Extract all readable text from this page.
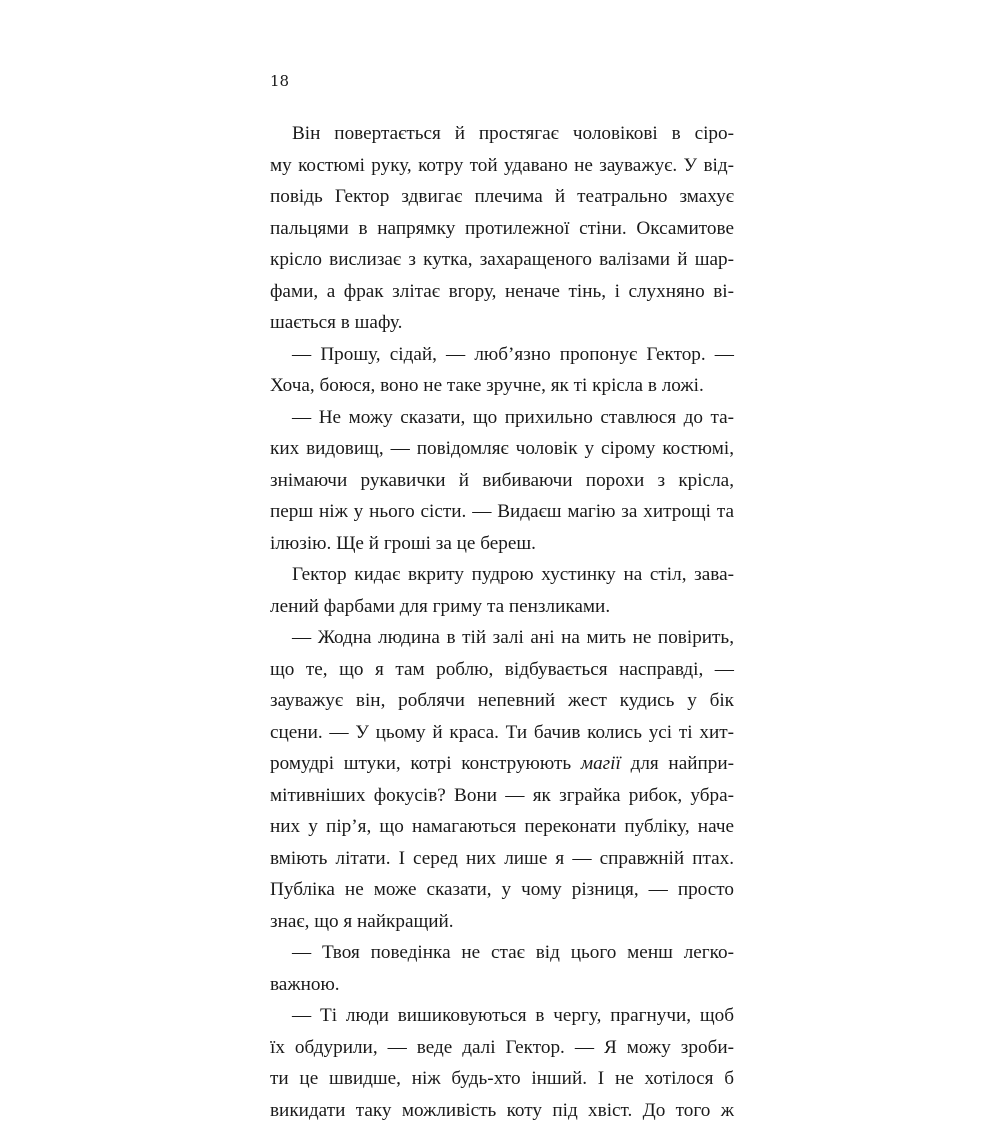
18

Він повертається й простягає чоловікові в сіро-
му костюмі руку, котру той удавано не зауважує. У від-
повідь Гектор здвигає плечима й театрально змахує
пальцями в напрямку протилежної стіни. Оксамитове
крісло вислизає з кутка, захаращеного валізами й шар-
фами, а фрак злітає вгору, неначе тінь, і слухняно ві-
шається в шафу.
— Прошу, сідай, — люб’язно пропонує Гектор. —
Хоча, боюся, воно не таке зручне, як ті крісла в ложі.
— Не можу сказати, що прихильно ставлюся до та-
ких видовищ, — повідомляє чоловік у сірому костюмі,
знімаючи рукавички й вибиваючи порохи з крісла,
перш ніж у нього сісти. — Видаєш магію за хитрощі та
ілюзію. Ще й гроші за це береш.
Гектор кидає вкриту пудрою хустинку на стіл, зава-
лений фарбами для гриму та пензликами.
— Жодна людина в тій залі ані на мить не повірить,
що те, що я там роблю, відбувається насправді, —
зауважує він, роблячи непевний жест кудись у бік
сцени. — У цьому й краса. Ти бачив колись усі ті хит-
ромудрі штуки, котрі конструюють магії для найпри-
мітивніших фокусів? Вони — як зграйка рибок, убра-
них у пір’я, що намагаються переконати публіку, наче
вміють літати. І серед них лише я — справжній птах.
Публіка не може сказати, у чому різниця, — просто
знає, що я найкращий.
— Твоя поведінка не стає від цього менш легко-
важною.
— Ті люди вишиковуються в чергу, прагнучи, щоб
їх обдурили, — веде далі Гектор. — Я можу зроби-
ти це швидше, ніж будь-хто інший. І не хотілося б
викидати таку можливість коту під хвіст. До того ж
